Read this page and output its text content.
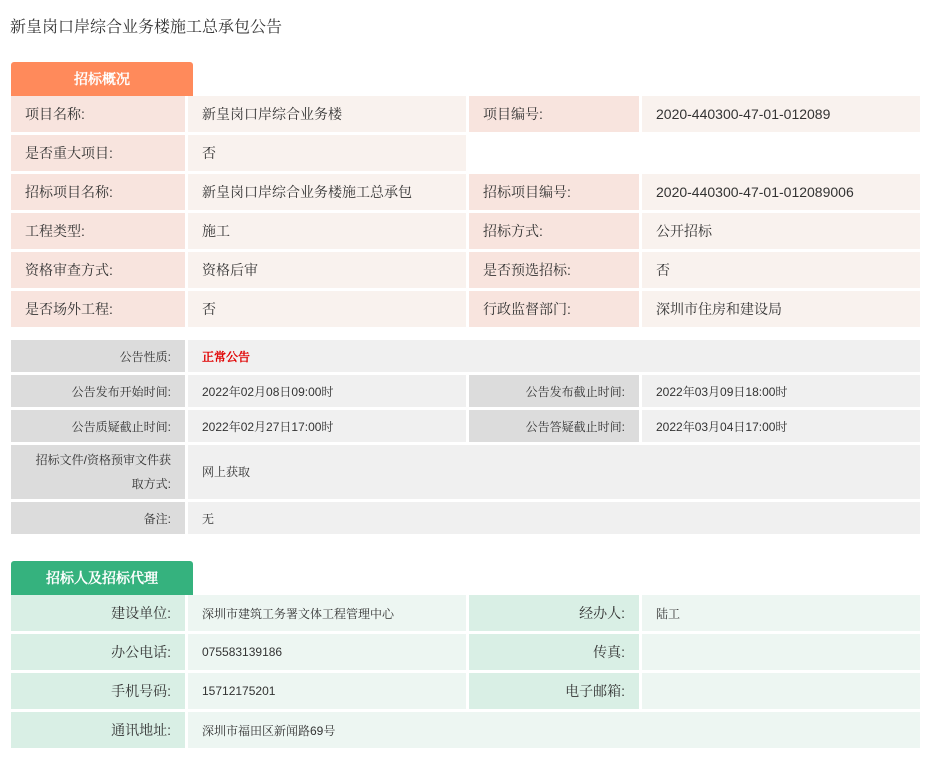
新皇岗口岸综合业务楼施工总承包公告
招标概况
项目名称:	新皇岗口岸综合业务楼	项目编号:	2020-440300-47-01-012089
是否重大项目:	否		
招标项目名称:	新皇岗口岸综合业务楼施工总承包	招标项目编号:	2020-440300-47-01-012089006
工程类型:	施工	招标方式:	公开招标
资格审查方式:	资格后审	是否预选招标:	否
是否场外工程:	否	行政监督部门:	深圳市住房和建设局
公告性质:	正常公告		
公告发布开始时间:	2022年02月08日09:00时	公告发布截止时间:	2022年03月09日18:00时
公告质疑截止时间:	2022年02月27日17:00时	公告答疑截止时间:	2022年03月04日17:00时
招标文件/资格预审文件获取方式:	网上获取		
备注:	无		
招标人及招标代理
建设单位:	深圳市建筑工务署文体工程管理中心	经办人:	陆工
办公电话:	075583139186	传真:	
手机号码:	15712175201	电子邮箱:	
通讯地址:	深圳市福田区新闻路69号		
